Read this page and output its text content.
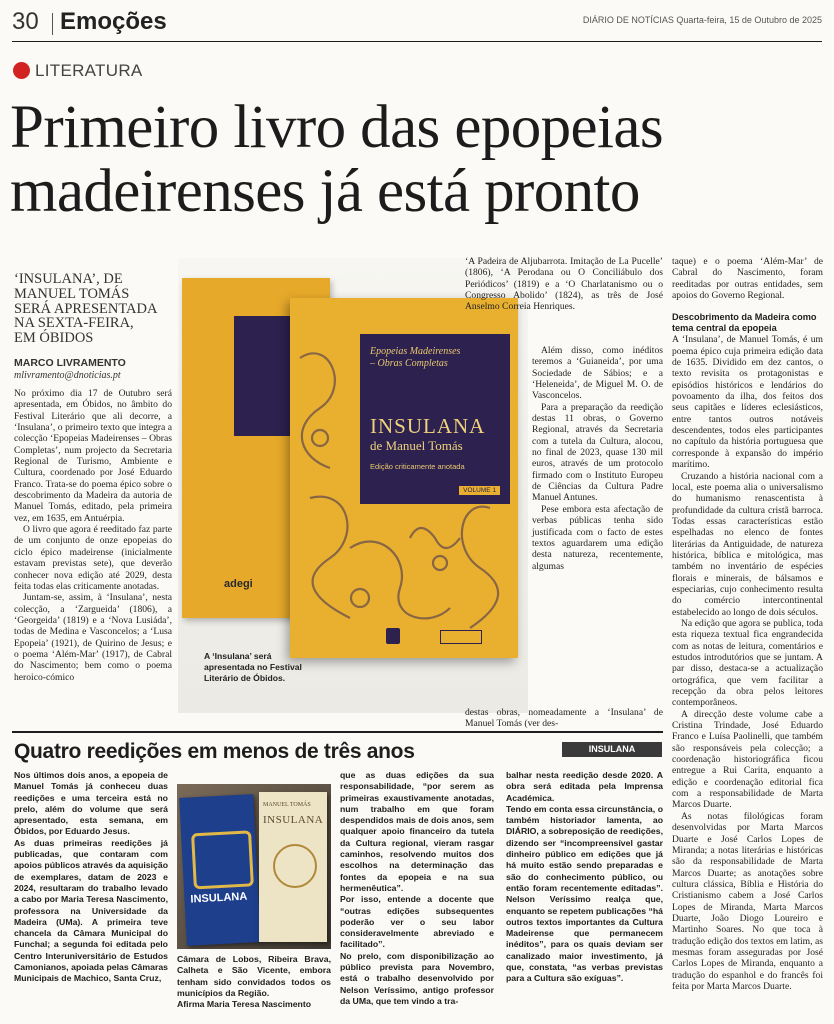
30 Emoções	DIÁRIO DE NOTÍCIAS Quarta-feira, 15 de Outubro de 2025
LITERATURA
Primeiro livro das epopeias
madeirenses já está pronto
‘INSULANA’, DE
MANUEL TOMÁS
SERÁ APRESENTADA
NA SEXTA-FEIRA,
EM ÓBIDOS
MARCO LIVRAMENTO
mlivramento@dnoticias.pt

No próximo dia 17 de Outubro será apresentada, em Óbidos, no âmbito do Festival Literário que ali decorre, a ‘Insulana’, o primeiro texto que integra a colecção ‘Epopeias Madeirenses – Obras Completas’, num projecto da Secretaria Regional de Turismo, Ambiente e Cultura, coordenado por José Eduardo Franco. Trata-se do poema épico sobre o descobrimento da Madeira da autoria de Manuel Tomás, editado, pela primeira vez, em 1635, em Antuérpia.

O livro que agora é reeditado faz parte de um conjunto de onze epopeias do ciclo épico madeirense (inicialmente estavam previstas sete), que deverão conhecer nova edição até 2029, desta feita todas elas criticamente anotadas.

Juntam-se, assim, à ‘Insulana’, nesta colecção, a ‘Zargueida’ (1806), a ‘Georgeida’ (1819) e a ‘Nova Lusiáda’, todas de Medina e Vasconcelos; a ‘Lusa Epopeia’ (1921), de Quirino de Jesus; e o poema ‘Além-Mar’ (1917), de Cabral do Nascimento; bem como o poema heroico-cómico

adegi
Epopeias Madeirenses
– Obras Completas
INSULANA
de Manuel Tomás
Edição criticamente anotada
VOLUME 1
A ‘Insulana’ será
apresentada no Festival
Literário de Óbidos.

‘A Padeira de Aljubarrota. Imitação de La Pucelle’ (1806), ‘A Perodana ou O Conciliábulo dos Periódicos’ (1819) e a ‘O Charlatanismo ou o Congresso Abolido’ (1824), as três de José Anselmo Correia Henriques.

Além disso, como inéditos teremos a ‘Guianeida’, por uma Sociedade de Sábios; e a ‘Heleneida’, de Miguel M. O. de Vasconcelos.

Para a preparação da reedição destas 11 obras, o Governo Regional, através da Secretaria com a tutela da Cultura, alocou, no final de 2023, quase 130 mil euros, através de um protocolo firmado com o Instituto Europeu de Ciências da Cultura Padre Manuel Antunes.

Pese embora esta afectação de verbas públicas tenha sido justificada com o facto de estes textos aguardarem uma edição desta natureza, recentemente, algumas

destas obras, nomeadamente a ‘Insulana’ de Manuel Tomás (ver des-

taque) e o poema ‘Além-Mar’ de Cabral do Nascimento, foram reeditadas por outras entidades, sem apoios do Governo Regional.

Descobrimento da Madeira como tema central da epopeia

A ‘Insulana’, de Manuel Tomás, é um poema épico cuja primeira edição data de 1635. Dividido em dez cantos, o texto revisita os protagonistas e episódios históricos e lendários do povoamento da ilha, dos feitos dos seus capitães e líderes eclesiásticos, entre tantos outros notáveis descendentes, todos eles participantes no capítulo da história portuguesa que corresponde à expansão do império marítimo.

Cruzando a história nacional com a local, este poema alia o universalismo do humanismo renascentista à profundidade da cultura cristã barroca. Todas essas características estão espelhadas no elenco de fontes literárias da Antiguidade, de natureza histórica, bíblica e mitológica, mas também no inventário de espécies florais e minerais, de bálsamos e especiarias, cujo conhecimento resulta do comércio intercontinental estabelecido ao longo de dois séculos.

Na edição que agora se publica, toda esta riqueza textual fica engrandecida com as notas de leitura, comentários e estudos introdutórios que se juntam. A par disso, destaca-se a actualização ortográfica, que vem facilitar a recepção da obra pelos leitores contemporâneos.

A direcção deste volume cabe a Cristina Trindade, José Eduardo Franco e Luísa Paolinelli, que também são responsáveis pela colecção; a coordenação historiográfica ficou entregue a Rui Carita, enquanto a edição e coordenação editorial fica com a responsabilidade de Marta Marcos Duarte.

As notas filológicas foram desenvolvidas por Marta Marcos Duarte e José Carlos Lopes de Miranda; a notas literárias e históricas são da responsabilidade de Marta Marcos Duarte; as anotações sobre cultura clássica, Bíblia e História do Cristianismo cabem a José Carlos Lopes de Miranda, Marta Marcos Duarte, João Diogo Loureiro e Martinho Soares. No que toca à tradução edição dos textos em latim, as mesmas foram asseguradas por José Carlos Lopes de Miranda, enquanto a tradução do espanhol e do francês foi feita por Marta Marcos Duarte.

Quatro reedições em menos de três anos	INSULANA

Nos últimos dois anos, a epopeia de Manuel Tomás já conheceu duas reedições e uma terceira está no prelo, além do volume que será apresentado, esta semana, em Óbidos, por Eduardo Jesus.

As duas primeiras reedições já publicadas, que contaram com apoios públicos através da aquisição de exemplares, datam de 2023 e 2024, resultaram do trabalho levado a cabo por Maria Teresa Nascimento, professora na Universidade da Madeira (UMa). A primeira teve chancela da Câmara Municipal do Funchal; a segunda foi editada pelo Centro Interuniversitário de Estudos Camonianos, apoiada pelas Câmaras Municipais de Machico, Santa Cruz,

INSULANA
MANUEL TOMÁS
INSULANA

Câmara de Lobos, Ribeira Brava, Calheta e São Vicente, embora tenham sido convidados todos os municípios da Região.

Afirma Maria Teresa Nascimento

que as duas edições da sua responsabilidade, “por serem as primeiras exaustivamente anotadas, num trabalho em que foram despendidos mais de dois anos, sem qualquer apoio financeiro da tutela da Cultura regional, vieram rasgar caminhos, resolvendo muitos dos escolhos na determinação das fontes da epopeia e na sua hermenêutica”.

Por isso, entende a docente que “outras edições subsequentes poderão ver o seu labor consideravelmente abreviado e facilitado”.

No prelo, com disponibilização ao público prevista para Novembro, está o trabalho desenvolvido por Nelson Veríssimo, antigo professor da UMa, que tem vindo a tra-

balhar nesta reedição desde 2020. A obra será editada pela Imprensa Académica.

Tendo em conta essa circunstância, o também historiador lamenta, ao DIÁRIO, a sobreposição de reedições, dizendo ser “incompreensível gastar dinheiro público em edições que já há muito estão sendo preparadas e são do conhecimento público, ou então foram recentemente editadas”. Nelson Veríssimo realça que, enquanto se repetem publicações “há outros textos importantes da Cultura Madeirense que permanecem inéditos”, para os quais deviam ser canalizado maior investimento, já que, constata, “as verbas previstas para a Cultura são exíguas”.
